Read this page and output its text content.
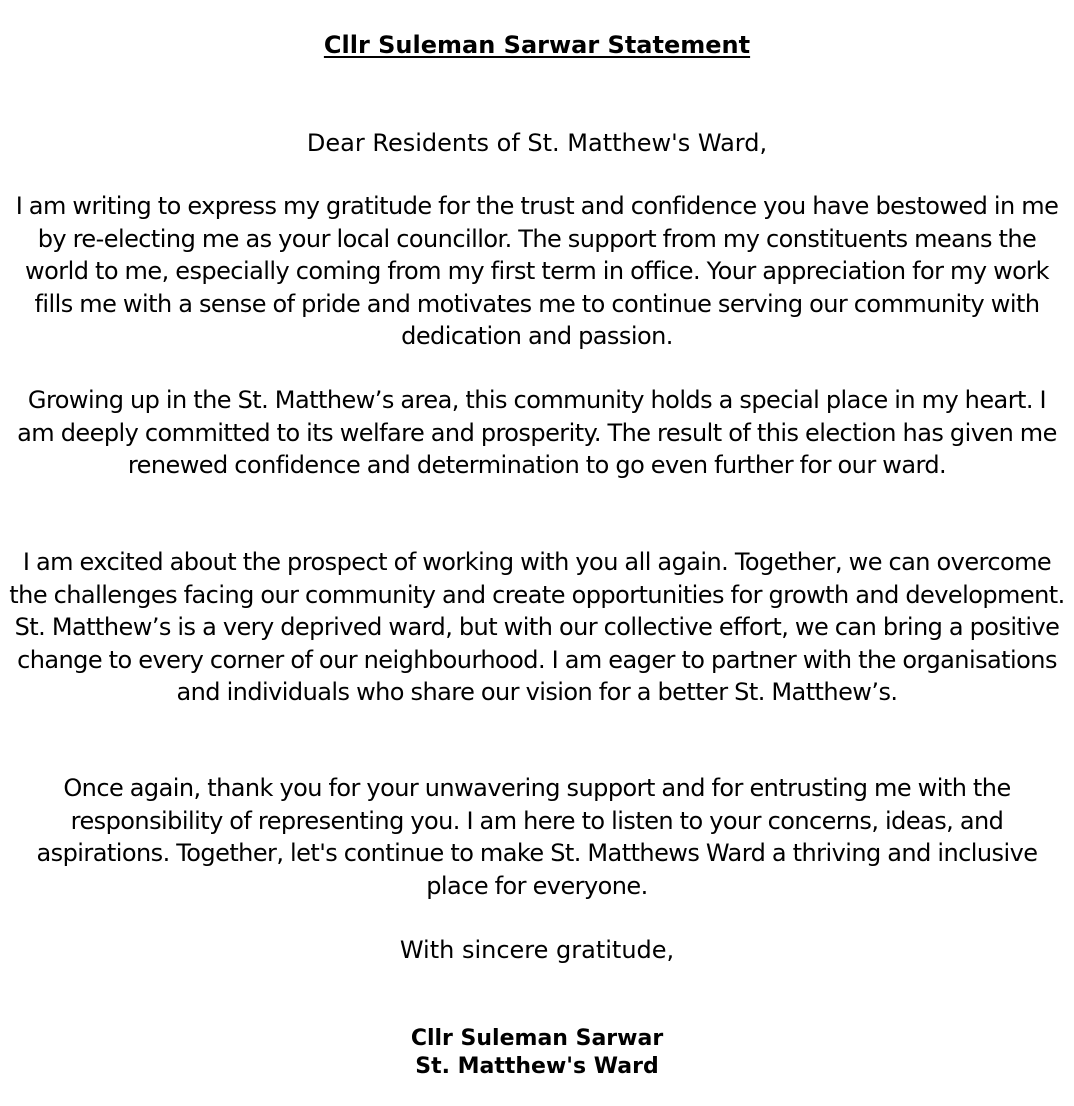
Cllr Suleman Sarwar Statement

Dear Residents of St. Matthew's Ward,

I am writing to express my gratitude for the trust and confidence you have bestowed in me by re-electing me as your local councillor. The support from my constituents means the world to me, especially coming from my first term in office. Your appreciation for my work fills me with a sense of pride and motivates me to continue serving our community with dedication and passion.

Growing up in the St. Matthew’s area, this community holds a special place in my heart. I am deeply committed to its welfare and prosperity. The result of this election has given me renewed confidence and determination to go even further for our ward.

I am excited about the prospect of working with you all again. Together, we can overcome the challenges facing our community and create opportunities for growth and development. St. Matthew’s is a very deprived ward, but with our collective effort, we can bring a positive change to every corner of our neighbourhood. I am eager to partner with the organisations and individuals who share our vision for a better St. Matthew’s.

Once again, thank you for your unwavering support and for entrusting me with the responsibility of representing you. I am here to listen to your concerns, ideas, and aspirations. Together, let's continue to make St. Matthews Ward a thriving and inclusive place for everyone.

With sincere gratitude,

Cllr Suleman Sarwar

St. Matthew's Ward
